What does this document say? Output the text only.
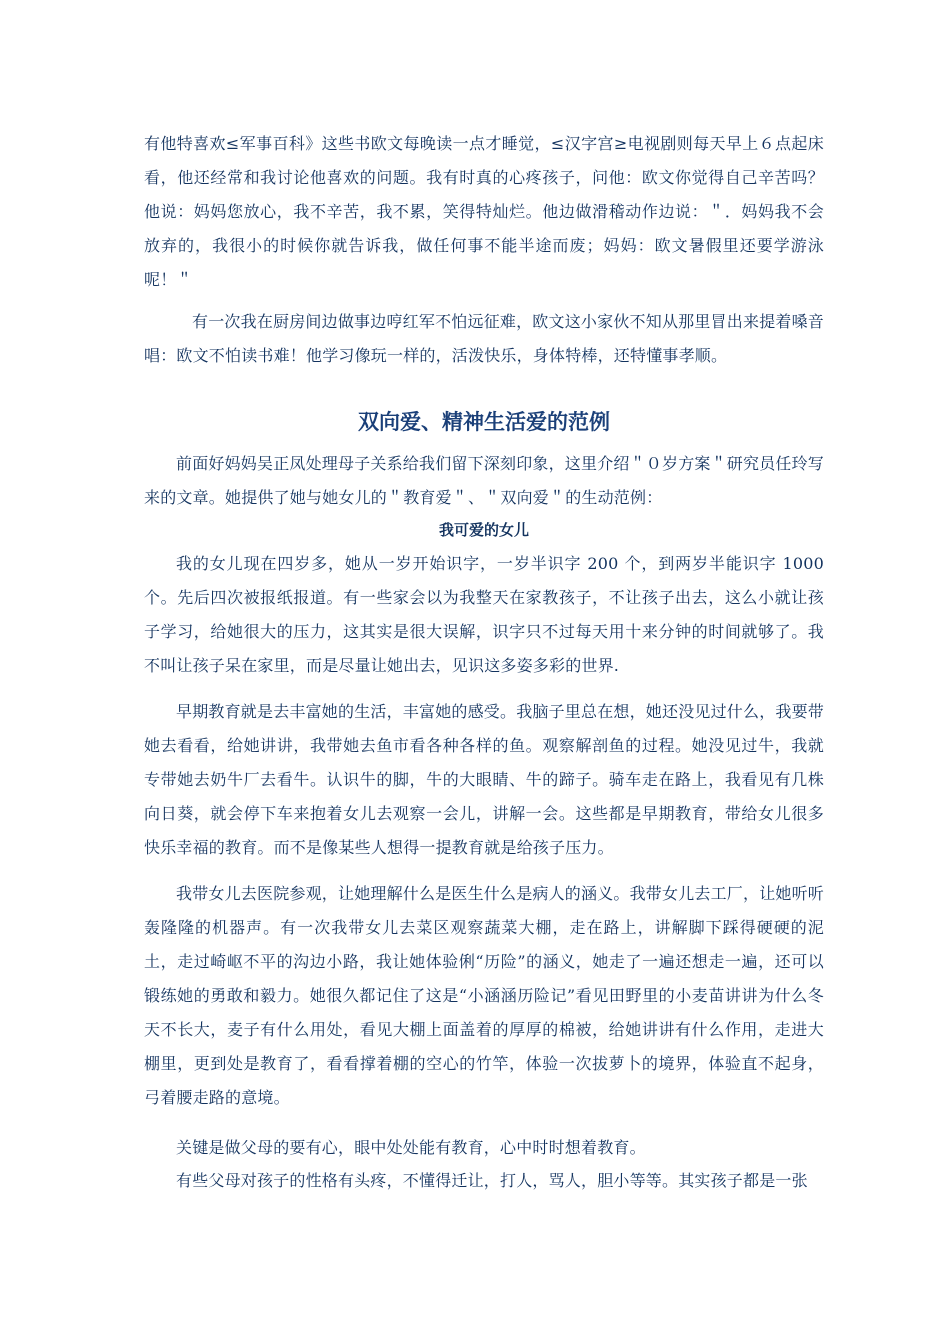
有他特喜欢≤军事百科》这些书欧文每晚读一点才睡觉，≤汉字宫≥电视剧则每天早上６点起床看，他还经常和我讨论他喜欢的问题。我有时真的心疼孩子，问他：欧文你觉得自己辛苦吗？他说：妈妈您放心，我不辛苦，我不累，笑得特灿烂。他边做滑稽动作边说：＂．妈妈我不会放弃的，我很小的时候你就告诉我，做任何事不能半途而废；妈妈：欧文暑假里还要学游泳呢！＂

有一次我在厨房间边做事边哼红军不怕远征难，欧文这小家伙不知从那里冒出来提着嗓音唱：欧文不怕读书难！他学习像玩一样的，活泼快乐，身体特棒，还特懂事孝顺。

双向爱、精神生活爱的范例

前面好妈妈吴正凤处理母子关系给我们留下深刻印象，这里介绍＂０岁方案＂研究员任玲写来的文章。她提供了她与她女儿的＂教育爱＂、＂双向爱＂的生动范例：

我可爱的女儿

我的女儿现在四岁多，她从一岁开始识字，一岁半识字 200 个，到两岁半能识字 1000 个。先后四次被报纸报道。有一些家会以为我整天在家教孩子，不让孩子出去，这么小就让孩子学习，给她很大的压力，这其实是很大误解，识字只不过每天用十来分钟的时间就够了。我不叫让孩子呆在家里，而是尽量让她出去，见识这多姿多彩的世界.

早期教育就是去丰富她的生活，丰富她的感受。我脑子里总在想，她还没见过什么，我要带她去看看，给她讲讲，我带她去鱼市看各种各样的鱼。观察解剖鱼的过程。她没见过牛，我就专带她去奶牛厂去看牛。认识牛的脚，牛的大眼睛、牛的蹄子。骑车走在路上，我看见有几株向日葵，就会停下车来抱着女儿去观察一会儿，讲解一会。这些都是早期教育，带给女儿很多快乐幸福的教育。而不是像某些人想得一提教育就是给孩子压力。

我带女儿去医院参观，让她理解什么是医生什么是病人的涵义。我带女儿去工厂，让她听听轰隆隆的机器声。有一次我带女儿去菜区观察蔬菜大棚，走在路上，讲解脚下踩得硬硬的泥土，走过崎岖不平的沟边小路，我让她体验俐“历险”的涵义，她走了一遍还想走一遍，还可以锻练她的勇敢和毅力。她很久都记住了这是“小涵涵历险记”看见田野里的小麦苗讲讲为什么冬天不长大，麦子有什么用处，看见大棚上面盖着的厚厚的棉被，给她讲讲有什么作用，走进大棚里，更到处是教育了，看看撑着棚的空心的竹竿，体验一次拔萝卜的境界，体验直不起身，弓着腰走路的意境。

关键是做父母的要有心，眼中处处能有教育，心中时时想着教育。

有些父母对孩子的性格有头疼，不懂得迁让，打人，骂人，胆小等等。其实孩子都是一张
